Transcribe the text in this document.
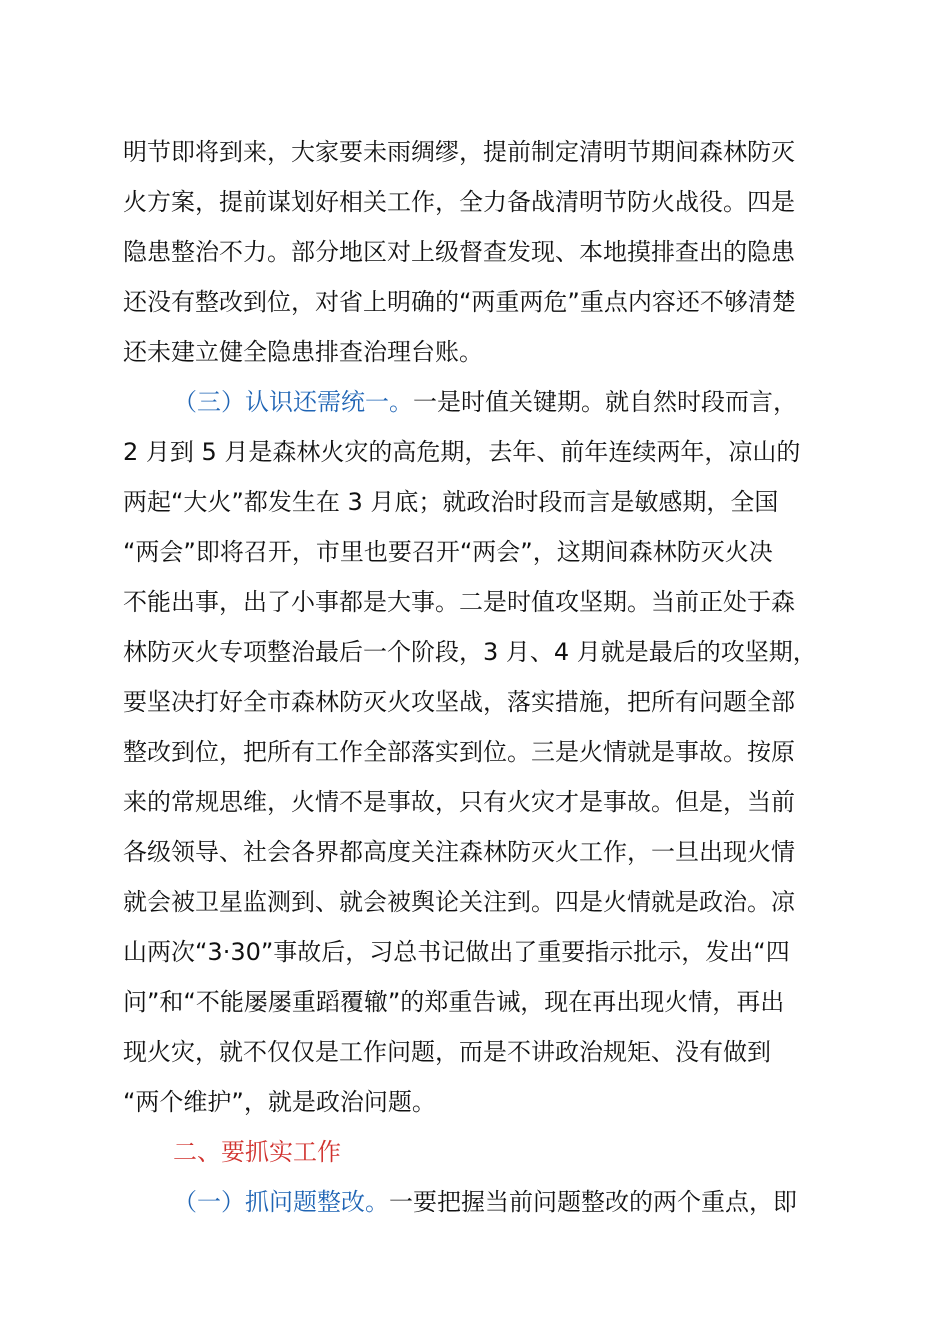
明节即将到来，大家要未雨绸缪，提前制定清明节期间森林防灭
火方案，提前谋划好相关工作，全力备战清明节防火战役。四是
隐患整治不力。部分地区对上级督查发现、本地摸排查出的隐患
还没有整改到位，对省上明确的“两重两危”重点内容还不够清楚
还未建立健全隐患排查治理台账。
（三）认识还需统一。一是时值关键期。就自然时段而言，
2 月到 5 月是森林火灾的高危期，去年、前年连续两年，凉山的
两起“大火”都发生在 3 月底；就政治时段而言是敏感期，全国
“两会”即将召开，市里也要召开“两会”，这期间森林防灭火决
不能出事，出了小事都是大事。二是时值攻坚期。当前正处于森
林防灭火专项整治最后一个阶段，3 月、4 月就是最后的攻坚期，
要坚决打好全市森林防灭火攻坚战，落实措施，把所有问题全部
整改到位，把所有工作全部落实到位。三是火情就是事故。按原
来的常规思维，火情不是事故，只有火灾才是事故。但是，当前
各级领导、社会各界都高度关注森林防灭火工作，一旦出现火情
就会被卫星监测到、就会被舆论关注到。四是火情就是政治。凉
山两次“3·30”事故后，习总书记做出了重要指示批示，发出“四
问”和“不能屡屡重蹈覆辙”的郑重告诫，现在再出现火情，再出
现火灾，就不仅仅是工作问题，而是不讲政治规矩、没有做到
“两个维护”，就是政治问题。
二、要抓实工作
（一）抓问题整改。一要把握当前问题整改的两个重点，即
